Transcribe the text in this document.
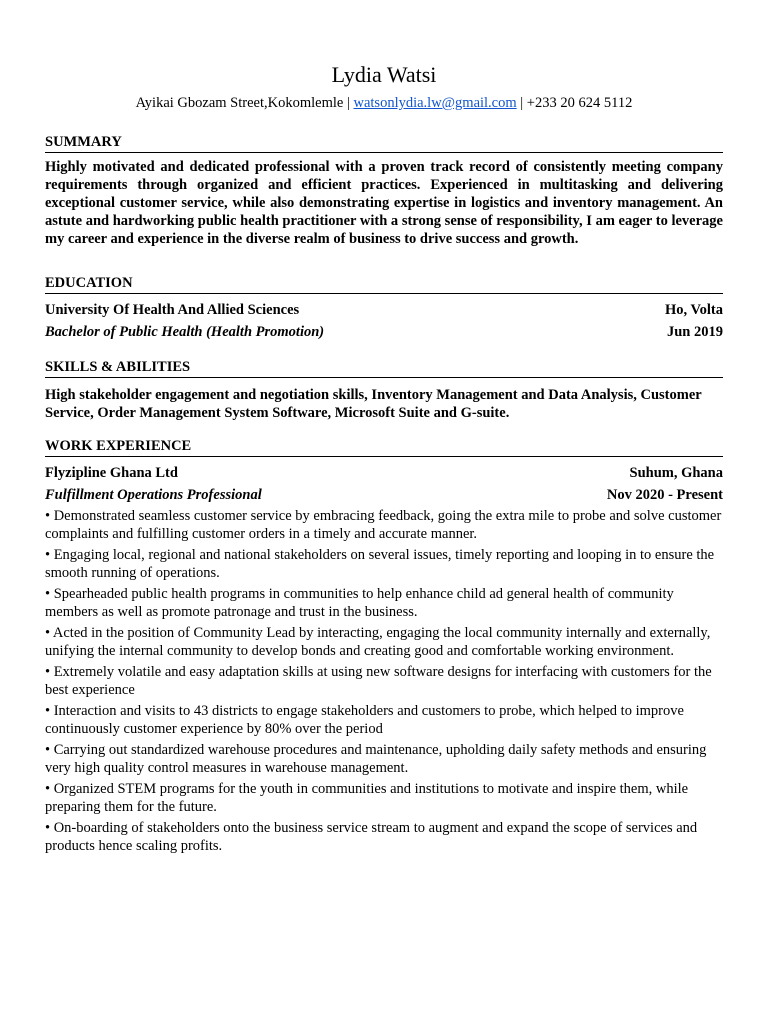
Lydia Watsi
Ayikai Gbozam Street,Kokomlemle | watsonlydia.lw@gmail.com | +233 20 624 5112
SUMMARY
Highly motivated and dedicated professional with a proven track record of consistently meeting company requirements through organized and efficient practices. Experienced in multitasking and delivering exceptional customer service, while also demonstrating expertise in logistics and inventory management. An astute and hardworking public health practitioner with a strong sense of responsibility, I am eager to leverage my career and experience in the diverse realm of business to drive success and growth.
EDUCATION
University Of Health And Allied Sciences	Ho, Volta
Bachelor of Public Health (Health Promotion)	Jun 2019
SKILLS & ABILITIES
High stakeholder engagement and negotiation skills, Inventory Management and Data Analysis, Customer Service, Order Management System Software, Microsoft Suite and G-suite.
WORK EXPERIENCE
Flyzipline Ghana Ltd	Suhum, Ghana
Fulfillment Operations Professional	Nov 2020 - Present
• Demonstrated seamless customer service by embracing feedback, going the extra mile to probe and solve customer complaints and fulfilling customer orders in a timely and accurate manner.
• Engaging local, regional and national stakeholders on several issues, timely reporting and looping in to ensure the smooth running of operations.
• Spearheaded public health programs in communities to help enhance child ad general health of community members as well as promote patronage and trust in the business.
• Acted in the position of Community Lead by interacting, engaging the local community internally and externally, unifying the internal community to develop bonds and creating good and comfortable working environment.
• Extremely volatile and easy adaptation skills at using new software designs for interfacing with customers for the best experience
• Interaction and visits to 43 districts to engage stakeholders and customers to probe, which helped to improve continuously customer experience by 80% over the period
• Carrying out standardized warehouse procedures and maintenance, upholding daily safety methods and ensuring very high quality control measures in warehouse management.
• Organized STEM programs for the youth in communities and institutions to motivate and inspire them, while preparing them for the future.
• On-boarding of stakeholders onto the business service stream to augment and expand the scope of services and products hence scaling profits.
